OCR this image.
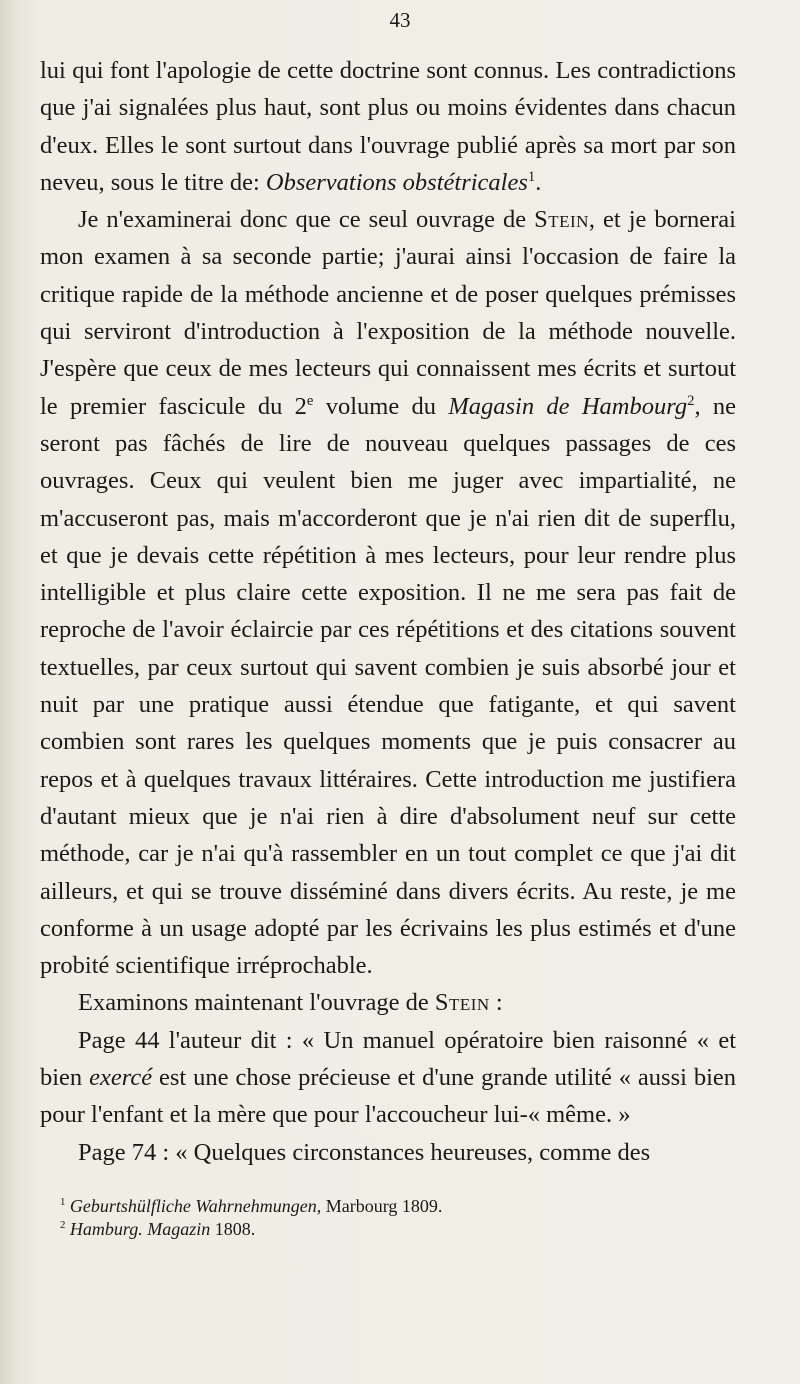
43

lui qui font l'apologie de cette doctrine sont connus. Les contradictions que j'ai signalées plus haut, sont plus ou moins évidentes dans chacun d'eux. Elles le sont surtout dans l'ouvrage publié après sa mort par son neveu, sous le titre de: Observations obstétricales$^1$.

Je n'examinerai donc que ce seul ouvrage de Stein, et je bornerai mon examen à sa seconde partie; j'aurai ainsi l'occasion de faire la critique rapide de la méthode ancienne et de poser quelques prémisses qui serviront d'introduction à l'exposition de la méthode nouvelle. J'espère que ceux de mes lecteurs qui connaissent mes écrits et surtout le premier fascicule du 2e volume du Magasin de Hambourg$^2$, ne seront pas fâchés de lire de nouveau quelques passages de ces ouvrages. Ceux qui veulent bien me juger avec impartialité, ne m'accuseront pas, mais m'accorderont que je n'ai rien dit de superflu, et que je devais cette répétition à mes lecteurs, pour leur rendre plus intelligible et plus claire cette exposition. Il ne me sera pas fait de reproche de l'avoir éclaircie par ces répétitions et des citations souvent textuelles, par ceux surtout qui savent combien je suis absorbé jour et nuit par une pratique aussi étendue que fatigante, et qui savent combien sont rares les quelques moments que je puis consacrer au repos et à quelques travaux littéraires. Cette introduction me justifiera d'autant mieux que je n'ai rien à dire d'absolument neuf sur cette méthode, car je n'ai qu'à rassembler en un tout complet ce que j'ai dit ailleurs, et qui se trouve disséminé dans divers écrits. Au reste, je me conforme à un usage adopté par les écrivains les plus estimés et d'une probité scientifique irréprochable.

Examinons maintenant l'ouvrage de Stein :

Page 44 l'auteur dit : « Un manuel opératoire bien raisonné « et bien exercé est une chose précieuse et d'une grande utilité « aussi bien pour l'enfant et la mère que pour l'accoucheur lui-« même. »

Page 74 : « Quelques circonstances heureuses, comme des

$^1$ Geburtshülfliche Wahrnehmungen, Marbourg 1809.

$^2$ Hamburg. Magazin 1808.
